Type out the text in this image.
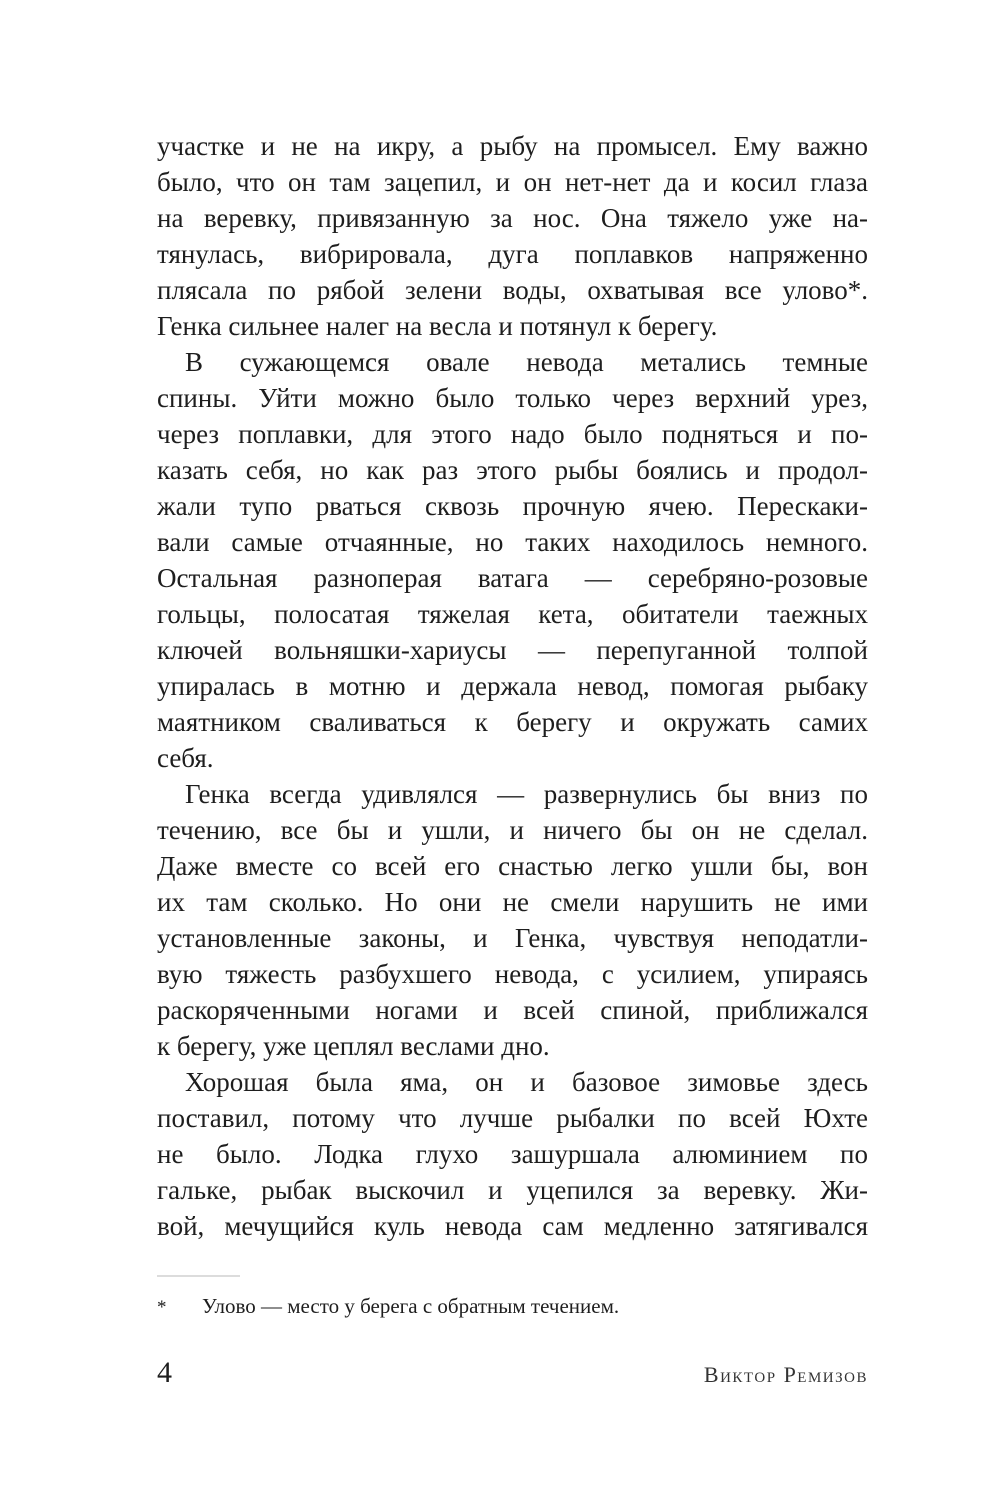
участке и не на икру, а рыбу на промысел. Ему важно
было, что он там зацепил, и он нет-нет да и косил глаза
на веревку, привязанную за нос. Она тяжело уже на-
тянулась, вибрировала, дуга поплавков напряженно
плясала по рябой зелени воды, охватывая все улово*.
Генка сильнее налег на весла и потянул к берегу.
В сужающемся овале невода метались темные
спины. Уйти можно было только через верхний урез,
через поплавки, для этого надо было подняться и по-
казать себя, но как раз этого рыбы боялись и продол-
жали тупо рваться сквозь прочную ячею. Перескаки-
вали самые отчаянные, но таких находилось немного.
Остальная разноперая ватага — серебряно-розовые
гольцы, полосатая тяжелая кета, обитатели таежных
ключей вольняшки-хариусы — перепуганной толпой
упиралась в мотню и держала невод, помогая рыбаку
маятником сваливаться к берегу и окружать самих
себя.
Генка всегда удивлялся — развернулись бы вниз по
течению, все бы и ушли, и ничего бы он не сделал.
Даже вместе со всей его снастью легко ушли бы, вон
их там сколько. Но они не смели нарушить не ими
установленные законы, и Генка, чувствуя неподатли-
вую тяжесть разбухшего невода, с усилием, упираясь
раскоряченными ногами и всей спиной, приближался
к берегу, уже цеплял веслами дно.
Хорошая была яма, он и базовое зимовье здесь
поставил, потому что лучше рыбалки по всей Юхте
не было. Лодка глухо зашуршала алюминием по
гальке, рыбак выскочил и уцепился за веревку. Жи-
вой, мечущийся куль невода сам медленно затягивался
*	Улово — место у берега с обратным течением.
4	Виктор Ремизов
